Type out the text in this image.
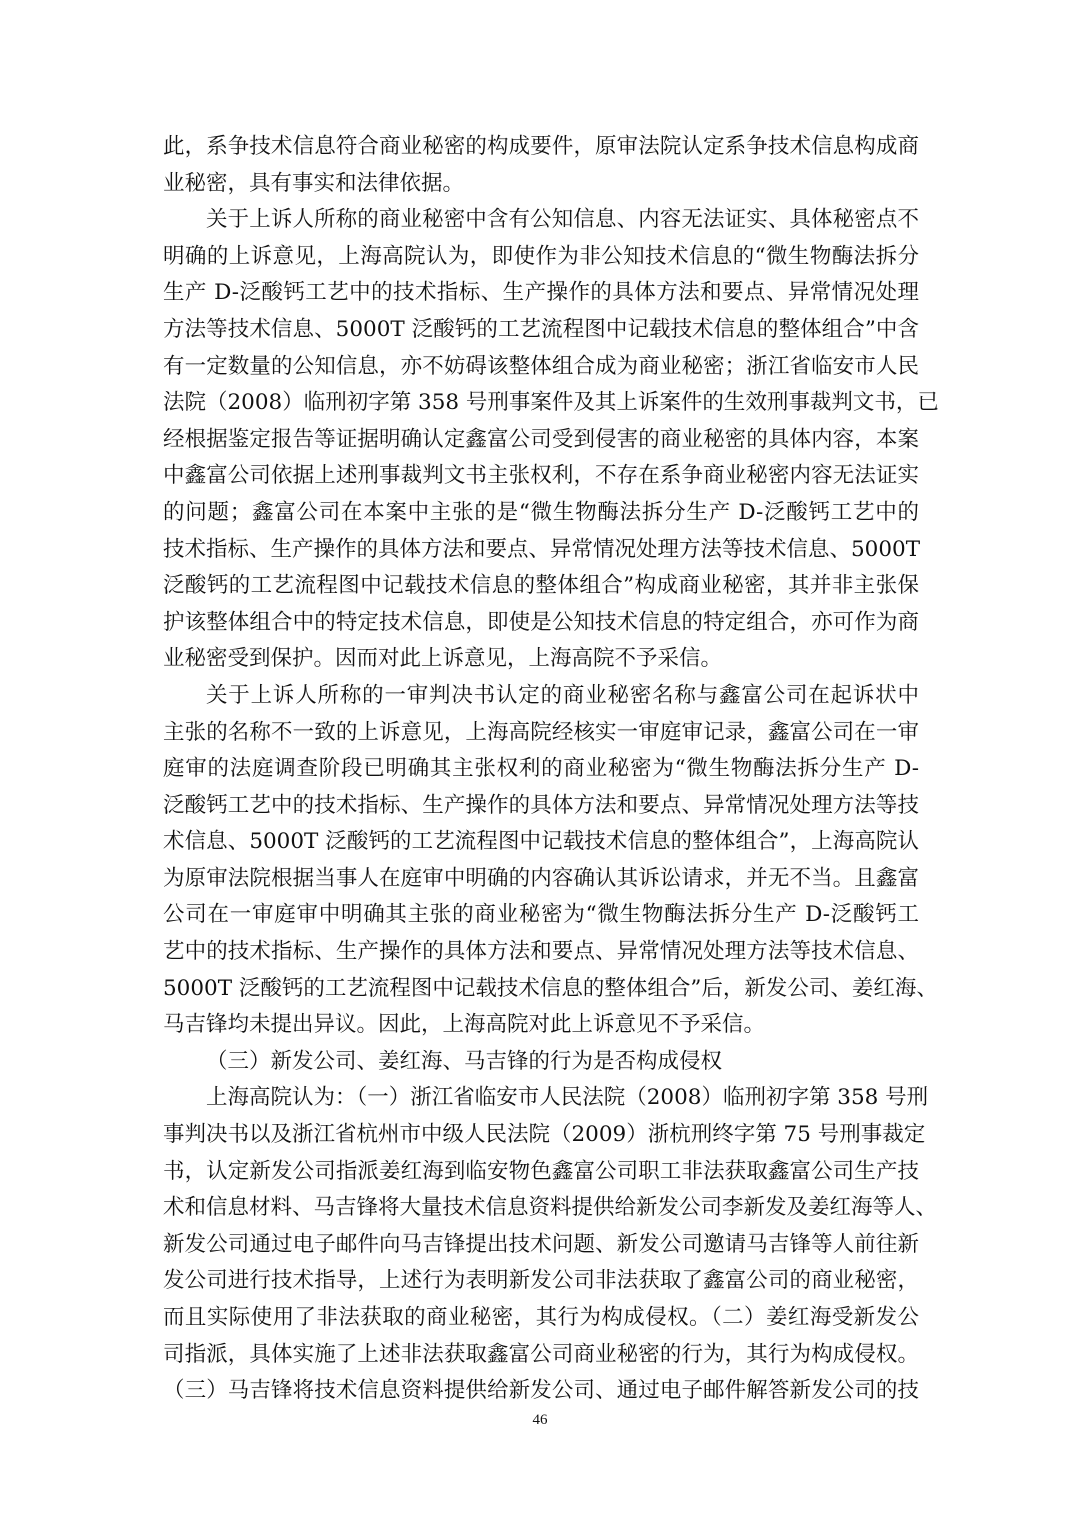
此，系争技术信息符合商业秘密的构成要件，原审法院认定系争技术信息构成商
业秘密，具有事实和法律依据。
关于上诉人所称的商业秘密中含有公知信息、内容无法证实、具体秘密点不
明确的上诉意见，上海高院认为，即使作为非公知技术信息的“微生物酶法拆分
生产 D-泛酸钙工艺中的技术指标、生产操作的具体方法和要点、异常情况处理
方法等技术信息、5000T 泛酸钙的工艺流程图中记载技术信息的整体组合”中含
有一定数量的公知信息，亦不妨碍该整体组合成为商业秘密；浙江省临安市人民
法院（2008）临刑初字第 358 号刑事案件及其上诉案件的生效刑事裁判文书，已
经根据鉴定报告等证据明确认定鑫富公司受到侵害的商业秘密的具体内容，本案
中鑫富公司依据上述刑事裁判文书主张权利，不存在系争商业秘密内容无法证实
的问题；鑫富公司在本案中主张的是“微生物酶法拆分生产 D-泛酸钙工艺中的
技术指标、生产操作的具体方法和要点、异常情况处理方法等技术信息、5000T
泛酸钙的工艺流程图中记载技术信息的整体组合”构成商业秘密，其并非主张保
护该整体组合中的特定技术信息，即使是公知技术信息的特定组合，亦可作为商
业秘密受到保护。因而对此上诉意见，上海高院不予采信。
关于上诉人所称的一审判决书认定的商业秘密名称与鑫富公司在起诉状中
主张的名称不一致的上诉意见，上海高院经核实一审庭审记录，鑫富公司在一审
庭审的法庭调查阶段已明确其主张权利的商业秘密为“微生物酶法拆分生产 D-
泛酸钙工艺中的技术指标、生产操作的具体方法和要点、异常情况处理方法等技
术信息、5000T 泛酸钙的工艺流程图中记载技术信息的整体组合”，上海高院认
为原审法院根据当事人在庭审中明确的内容确认其诉讼请求，并无不当。且鑫富
公司在一审庭审中明确其主张的商业秘密为“微生物酶法拆分生产 D-泛酸钙工
艺中的技术指标、生产操作的具体方法和要点、异常情况处理方法等技术信息、
5000T 泛酸钙的工艺流程图中记载技术信息的整体组合”后，新发公司、姜红海、
马吉锋均未提出异议。因此，上海高院对此上诉意见不予采信。
（三）新发公司、姜红海、马吉锋的行为是否构成侵权
上海高院认为：（一）浙江省临安市人民法院（2008）临刑初字第 358 号刑
事判决书以及浙江省杭州市中级人民法院（2009）浙杭刑终字第 75 号刑事裁定
书，认定新发公司指派姜红海到临安物色鑫富公司职工非法获取鑫富公司生产技
术和信息材料、马吉锋将大量技术信息资料提供给新发公司李新发及姜红海等人、
新发公司通过电子邮件向马吉锋提出技术问题、新发公司邀请马吉锋等人前往新
发公司进行技术指导，上述行为表明新发公司非法获取了鑫富公司的商业秘密，
而且实际使用了非法获取的商业秘密，其行为构成侵权。（二）姜红海受新发公
司指派，具体实施了上述非法获取鑫富公司商业秘密的行为，其行为构成侵权。
（三）马吉锋将技术信息资料提供给新发公司、通过电子邮件解答新发公司的技
46
